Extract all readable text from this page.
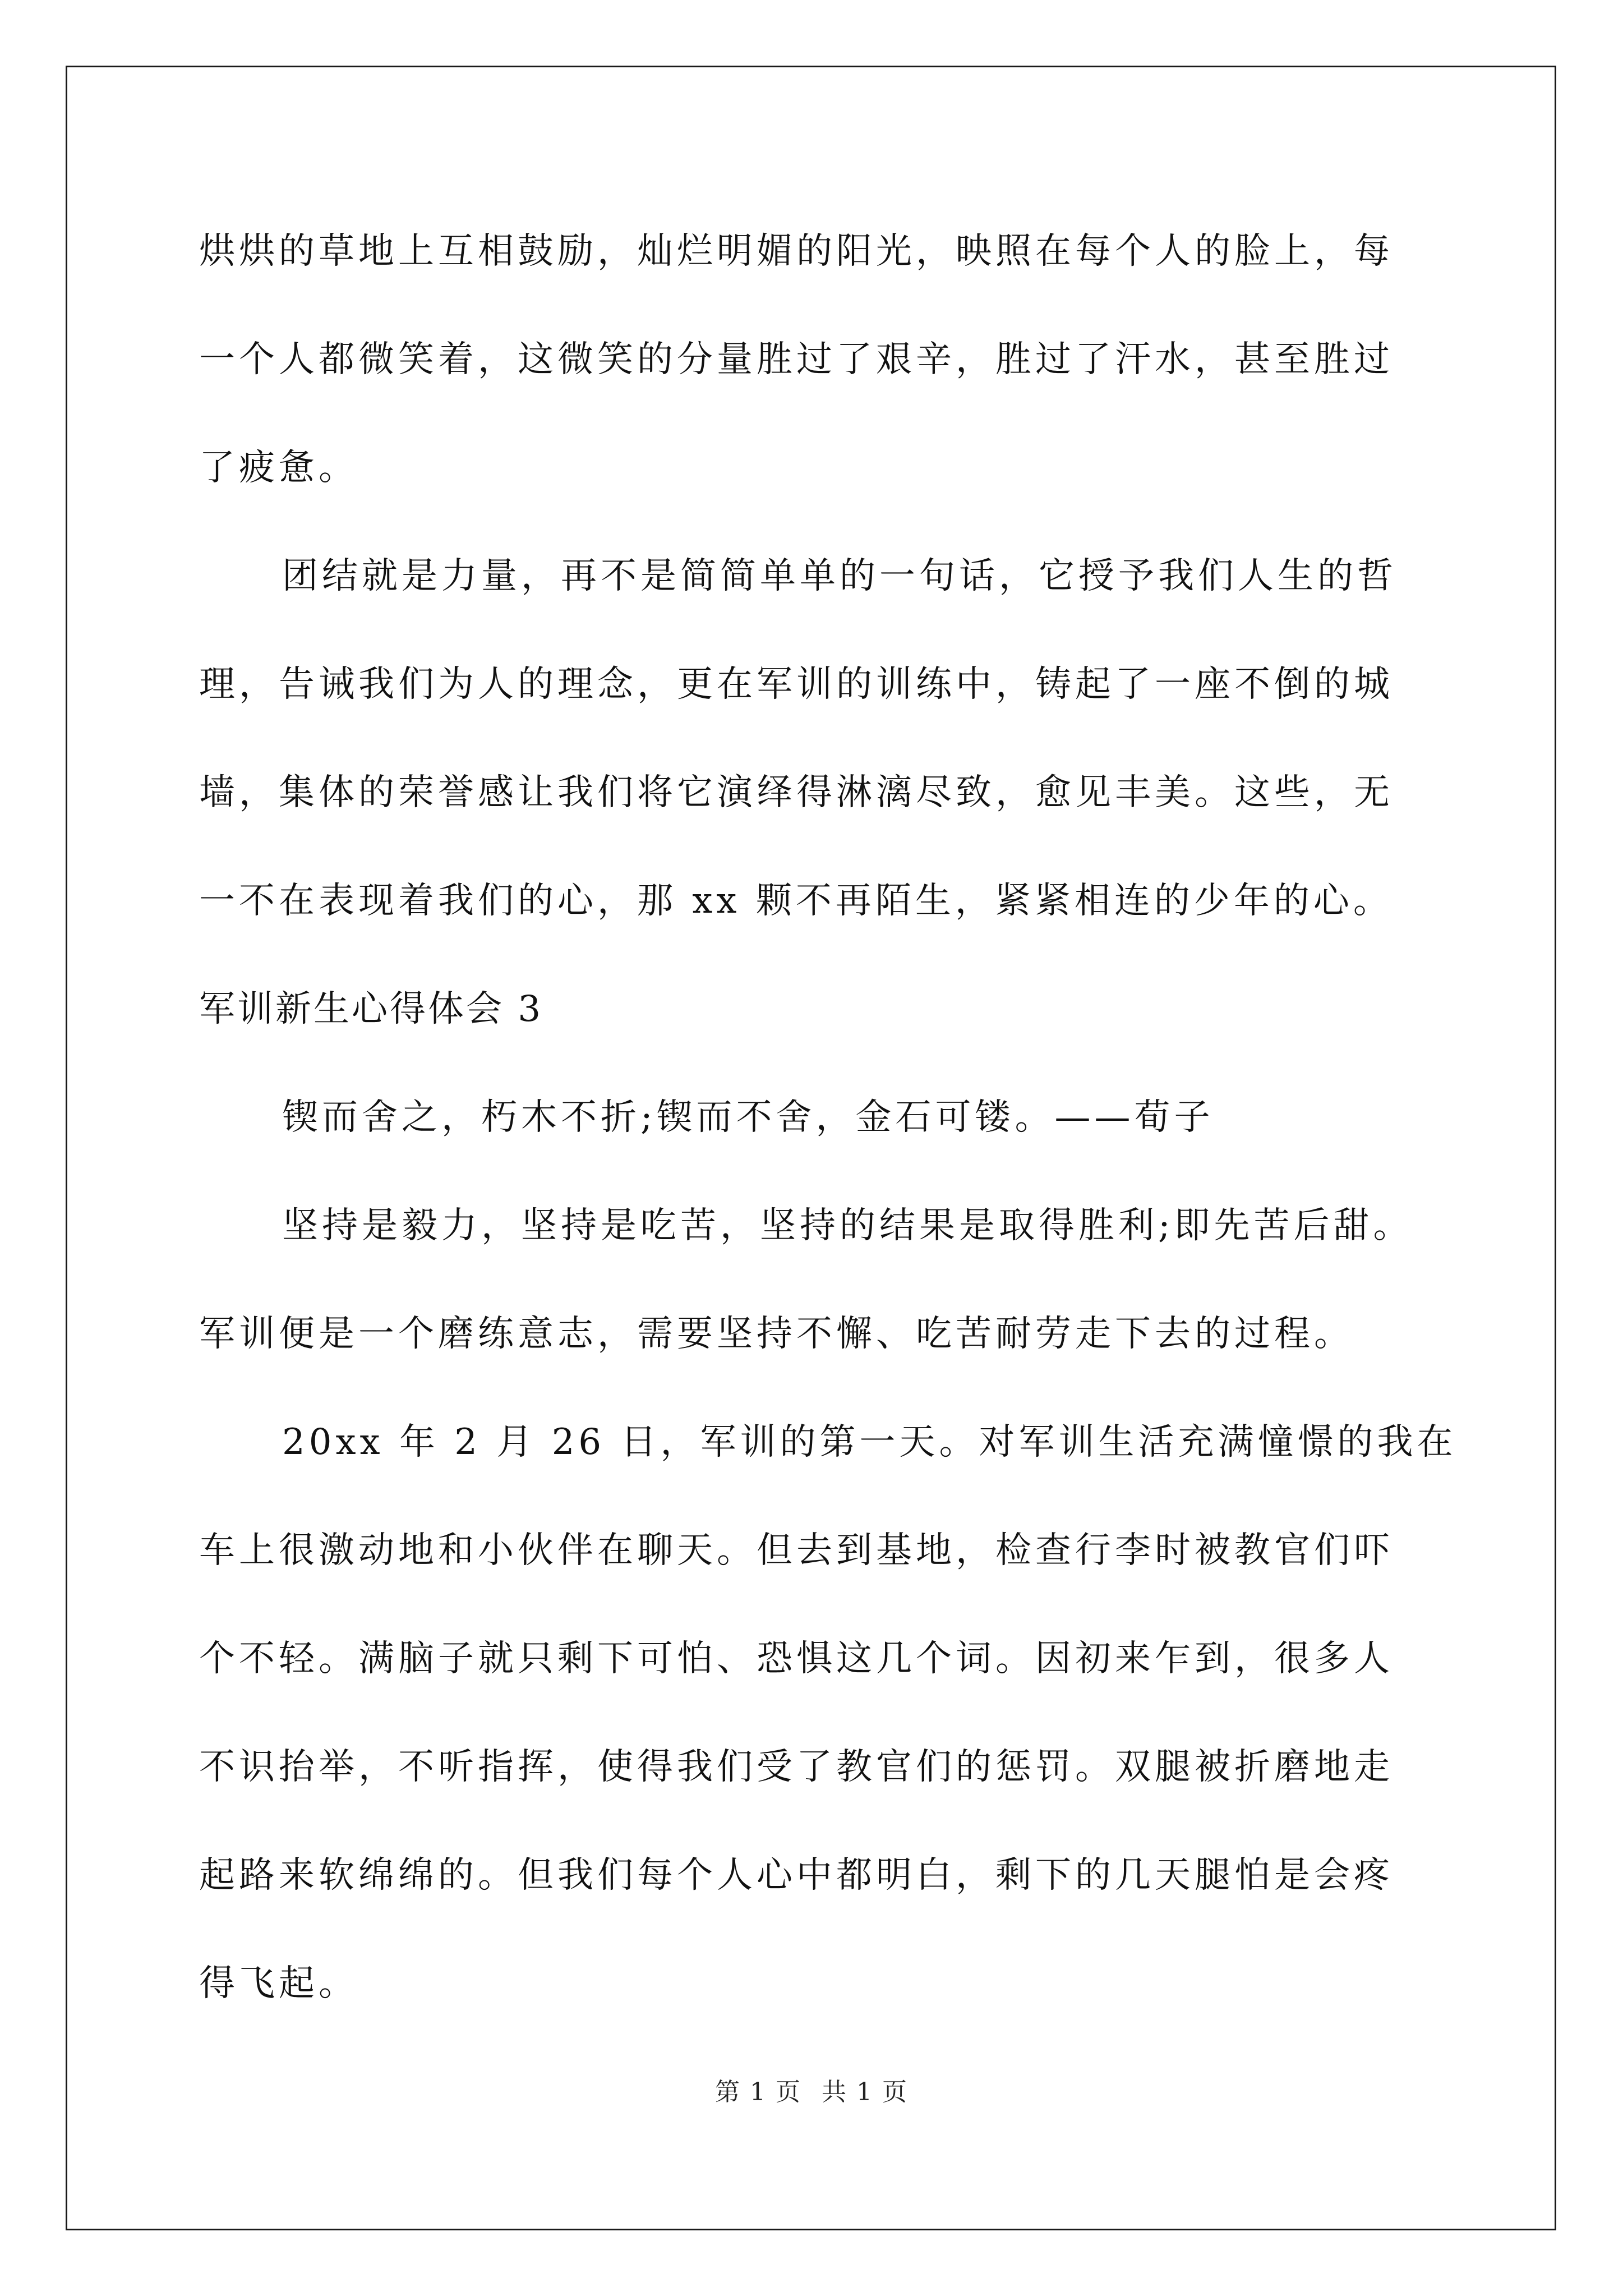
烘烘的草地上互相鼓励，灿烂明媚的阳光，映照在每个人的脸上，每
一个人都微笑着，这微笑的分量胜过了艰辛，胜过了汗水，甚至胜过
了疲惫。
团结就是力量，再不是简简单单的一句话，它授予我们人生的哲
理，告诫我们为人的理念，更在军训的训练中，铸起了一座不倒的城
墙，集体的荣誉感让我们将它演绎得淋漓尽致，愈见丰美。这些，无
一不在表现着我们的心，那 xx 颗不再陌生，紧紧相连的少年的心。
军训新生心得体会 3
锲而舍之，朽木不折;锲而不舍，金石可镂。——荀子
坚持是毅力，坚持是吃苦，坚持的结果是取得胜利;即先苦后甜。
军训便是一个磨练意志，需要坚持不懈、吃苦耐劳走下去的过程。
20xx 年 2 月 26 日，军训的第一天。对军训生活充满憧憬的我在
车上很激动地和小伙伴在聊天。但去到基地，检查行李时被教官们吓
个不轻。满脑子就只剩下可怕、恐惧这几个词。因初来乍到，很多人
不识抬举，不听指挥，使得我们受了教官们的惩罚。双腿被折磨地走
起路来软绵绵的。但我们每个人心中都明白，剩下的几天腿怕是会疼
得飞起。
第 1 页 共 1 页
